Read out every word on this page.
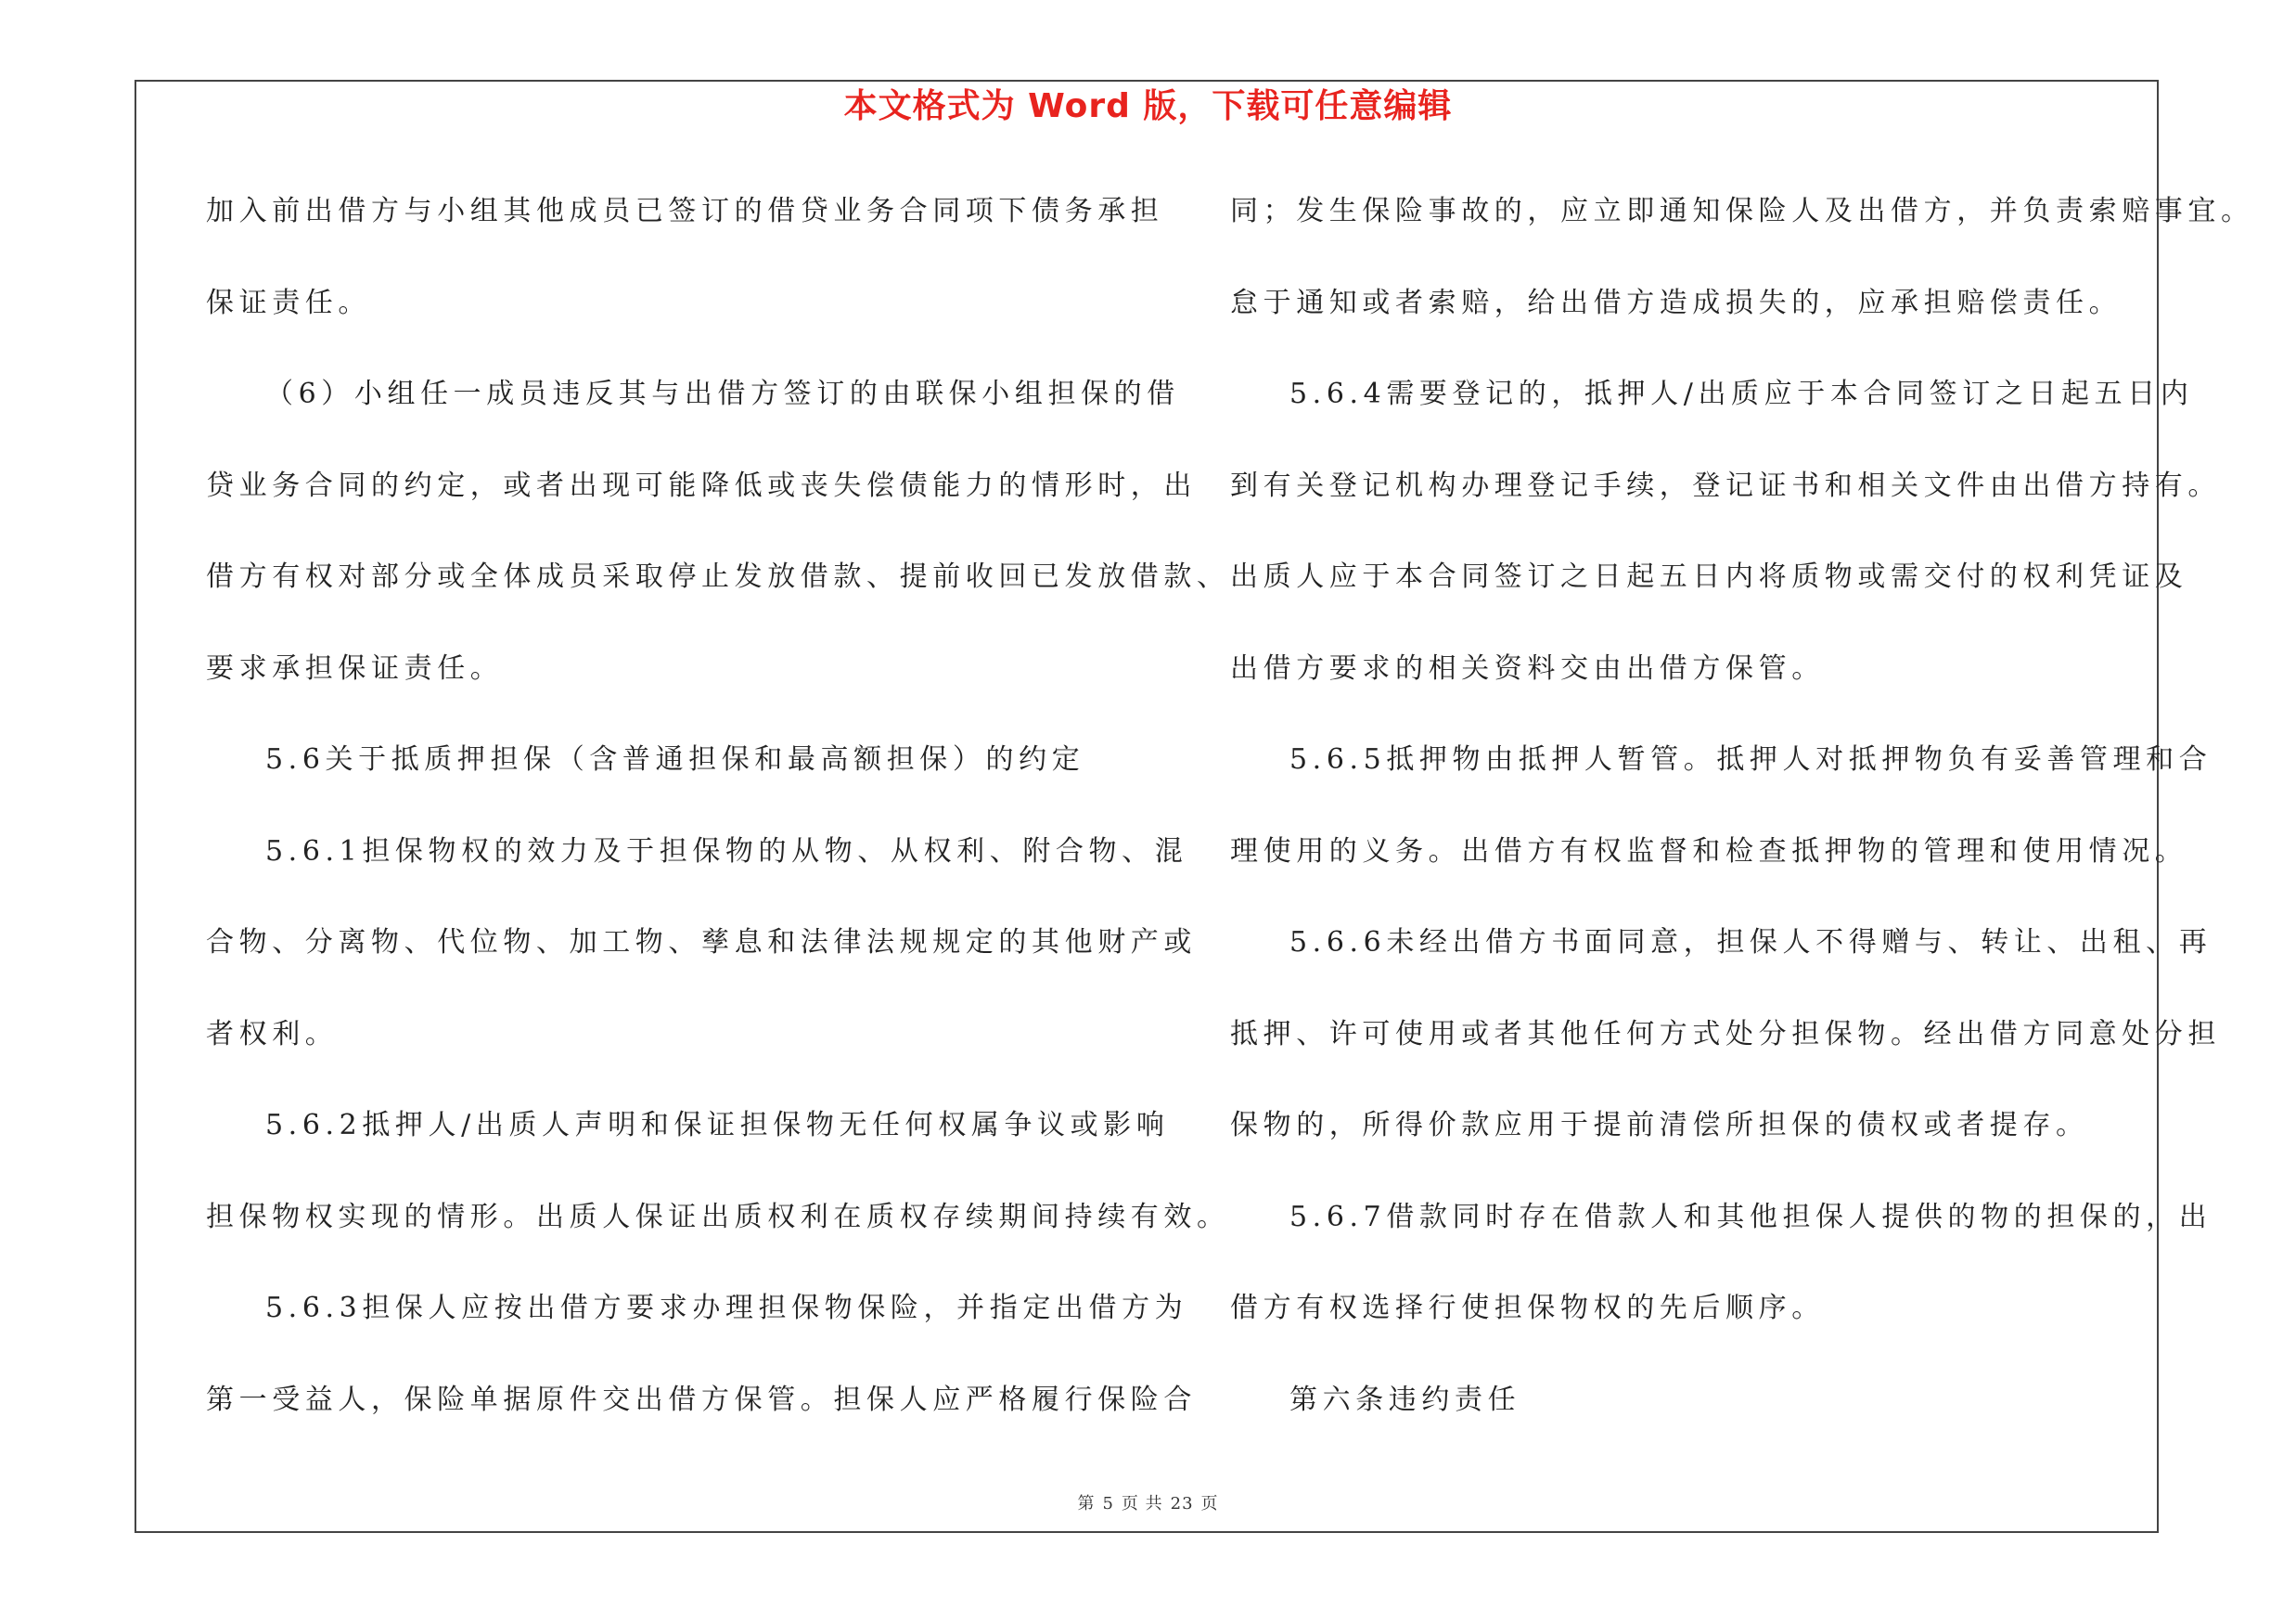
本文格式为 Word 版，下载可任意编辑
加入前出借方与小组其他成员已签订的借贷业务合同项下债务承担
保证责任。
（6）小组任一成员违反其与出借方签订的由联保小组担保的借
贷业务合同的约定，或者出现可能降低或丧失偿债能力的情形时，出
借方有权对部分或全体成员采取停止发放借款、提前收回已发放借款、
要求承担保证责任。
5.6关于抵质押担保（含普通担保和最高额担保）的约定
5.6.1担保物权的效力及于担保物的从物、从权利、附合物、混
合物、分离物、代位物、加工物、孳息和法律法规规定的其他财产或
者权利。
5.6.2抵押人/出质人声明和保证担保物无任何权属争议或影响
担保物权实现的情形。出质人保证出质权利在质权存续期间持续有效。
5.6.3担保人应按出借方要求办理担保物保险，并指定出借方为
第一受益人，保险单据原件交出借方保管。担保人应严格履行保险合
同；发生保险事故的，应立即通知保险人及出借方，并负责索赔事宜。
怠于通知或者索赔，给出借方造成损失的，应承担赔偿责任。
5.6.4需要登记的，抵押人/出质应于本合同签订之日起五日内
到有关登记机构办理登记手续，登记证书和相关文件由出借方持有。
出质人应于本合同签订之日起五日内将质物或需交付的权利凭证及
出借方要求的相关资料交由出借方保管。
5.6.5抵押物由抵押人暂管。抵押人对抵押物负有妥善管理和合
理使用的义务。出借方有权监督和检查抵押物的管理和使用情况。
5.6.6未经出借方书面同意，担保人不得赠与、转让、出租、再
抵押、许可使用或者其他任何方式处分担保物。经出借方同意处分担
保物的，所得价款应用于提前清偿所担保的债权或者提存。
5.6.7借款同时存在借款人和其他担保人提供的物的担保的，出
借方有权选择行使担保物权的先后顺序。
第六条违约责任
第 5 页 共 23 页
